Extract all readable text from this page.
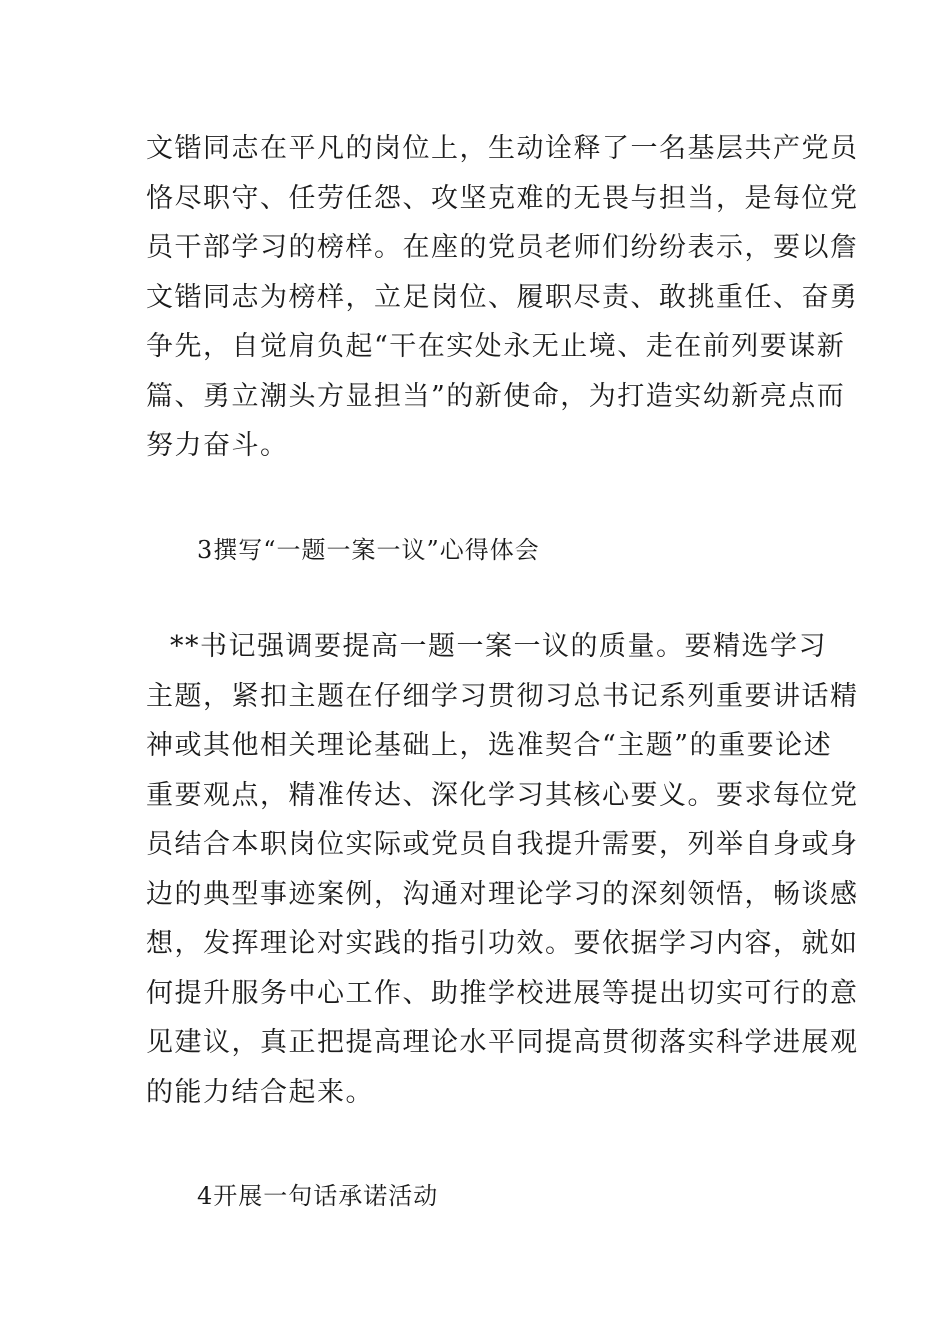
文锴同志在平凡的岗位上，生动诠释了一名基层共产党员
恪尽职守、任劳任怨、攻坚克难的无畏与担当，是每位党
员干部学习的榜样。在座的党员老师们纷纷表示，要以詹
文锴同志为榜样，立足岗位、履职尽责、敢挑重任、奋勇
争先，自觉肩负起“干在实处永无止境、走在前列要谋新
篇、勇立潮头方显担当”的新使命，为打造实幼新亮点而
努力奋斗。
3撰写“一题一案一议”心得体会
**书记强调要提高一题一案一议的质量。要精选学习
主题，紧扣主题在仔细学习贯彻习总书记系列重要讲话精
神或其他相关理论基础上，选准契合“主题”的重要论述
重要观点，精准传达、深化学习其核心要义。要求每位党
员结合本职岗位实际或党员自我提升需要，列举自身或身
边的典型事迹案例，沟通对理论学习的深刻领悟，畅谈感
想，发挥理论对实践的指引功效。要依据学习内容，就如
何提升服务中心工作、助推学校进展等提出切实可行的意
见建议，真正把提高理论水平同提高贯彻落实科学进展观
的能力结合起来。
4开展一句话承诺活动
